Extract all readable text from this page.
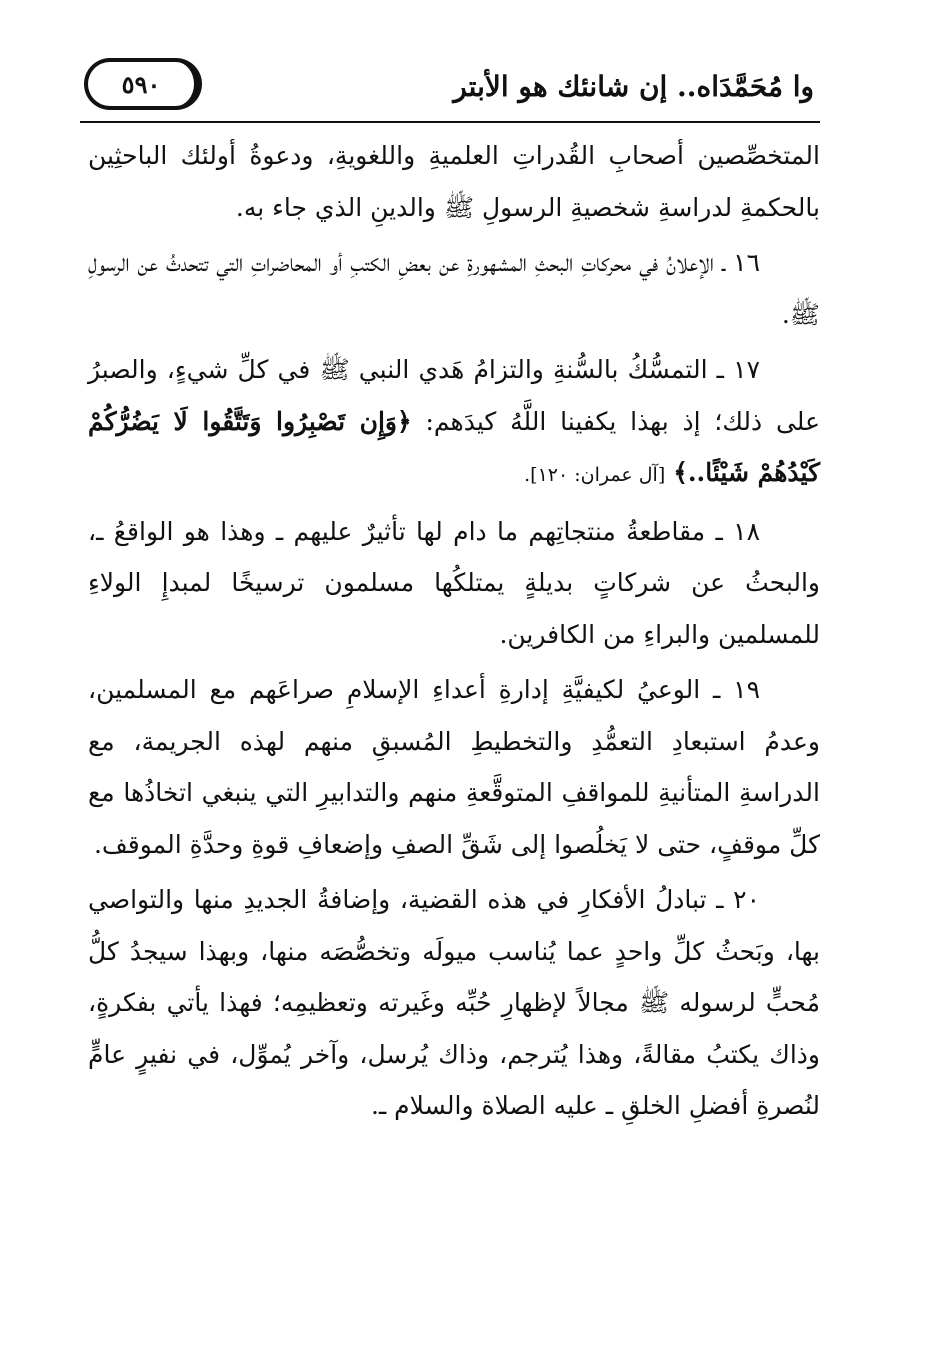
وا مُحَمَّدَاه.. إن شانئك هو الأبتر
٥٩٠

المتخصِّصين أصحابِ القُدراتِ العلميةِ واللغويةِ، ودعوةُ أولئك الباحثِين بالحكمةِ لدراسةِ شخصيةِ الرسولِ ﷺ والدينِ الذي جاء به.

١٦ ـ الإعلانُ في محركاتِ البحثِ المشهورةِ عن بعضِ الكتبِ أو المحاضراتِ التي تتحدثُ عن الرسولِ ﷺ.

١٧ ـ التمسُّكُ بالسُّنةِ والتزامُ هَدي النبي ﷺ في كلِّ شيءٍ، والصبرُ على ذلك؛ إذ بهذا يكفينا اللَّهُ كيدَهم: ﴿وَإِن تَصْبِرُوا وَتَتَّقُوا لَا يَضُرُّكُمْ كَيْدُهُمْ شَيْئًا..﴾ [آل عمران: ١٢٠].

١٨ ـ مقاطعةُ منتجاتِهم ما دام لها تأثيرٌ عليهم ـ وهذا هو الواقعُ ـ، والبحثُ عن شركاتٍ بديلةٍ يمتلكُها مسلمون ترسيخًا لمبدإِ الولاءِ للمسلمين والبراءِ من الكافرين.

١٩ ـ الوعيُ لكيفيَّةِ إدارةِ أعداءِ الإسلامِ صراعَهم مع المسلمين، وعدمُ استبعادِ التعمُّدِ والتخطيطِ المُسبقِ منهم لهذه الجريمة، مع الدراسةِ المتأنيةِ للمواقفِ المتوقَّعةِ منهم والتدابيرِ التي ينبغي اتخاذُها مع كلِّ موقفٍ، حتى لا يَخلُصوا إلى شَقِّ الصفِ وإضعافِ قوةِ وحدَّةِ الموقف.

٢٠ ـ تبادلُ الأفكارِ في هذه القضية، وإضافةُ الجديدِ منها والتواصي بها، وبَحثُ كلِّ واحدٍ عما يُناسب ميولَه وتخصُّصَه منها، وبهذا سيجدُ كلُّ مُحبٍّ لرسوله ﷺ مجالاً لإظهارِ حُبِّه وغَيرته وتعظيمِه؛ فهذا يأتي بفكرةٍ، وذاك يكتبُ مقالةً، وهذا يُترجم، وذاك يُرسل، وآخر يُموِّل، في نفيرٍ عامٍّ لنُصرةِ أفضلِ الخلقِ ـ عليه الصلاة والسلام ـ.
